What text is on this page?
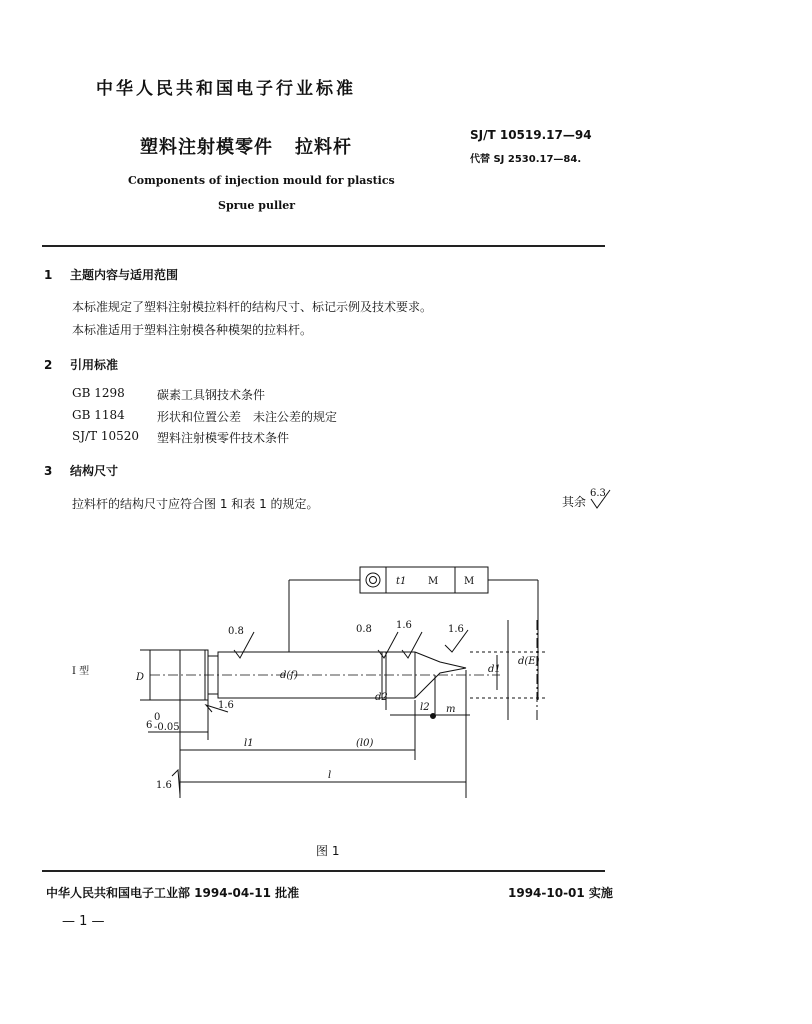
中华人民共和国电子行业标准
塑料注射模零件 拉料杆
SJ/T 10519.17—94
代替 SJ 2530.17—84.
Components of injection mould for plastics
Sprue puller
1 主题内容与适用范围
本标准规定了塑料注射模拉料杆的结构尺寸、标记示例及技术要求。
本标准适用于塑料注射模各种模架的拉料杆。
2 引用标准
GB 1298	碳素工具钢技术条件
GB 1184	形状和位置公差　未注公差的规定
SJ/T 10520 塑料注射模零件技术条件
3 结构尺寸
拉料杆的结构尺寸应符合图 1 和表 1 的规定。	其余
6.3
t1 M	M
I 型
0.8	0.8 1.6	1.6
1.6
1.6
D	d(f)
d2
d1
d(E)
l2 m
6
0
-0.05
l1	(l0)
l
图 1
中华人民共和国电子工业部 1994-04-11 批准	1994-10-01 实施
— 1 —
